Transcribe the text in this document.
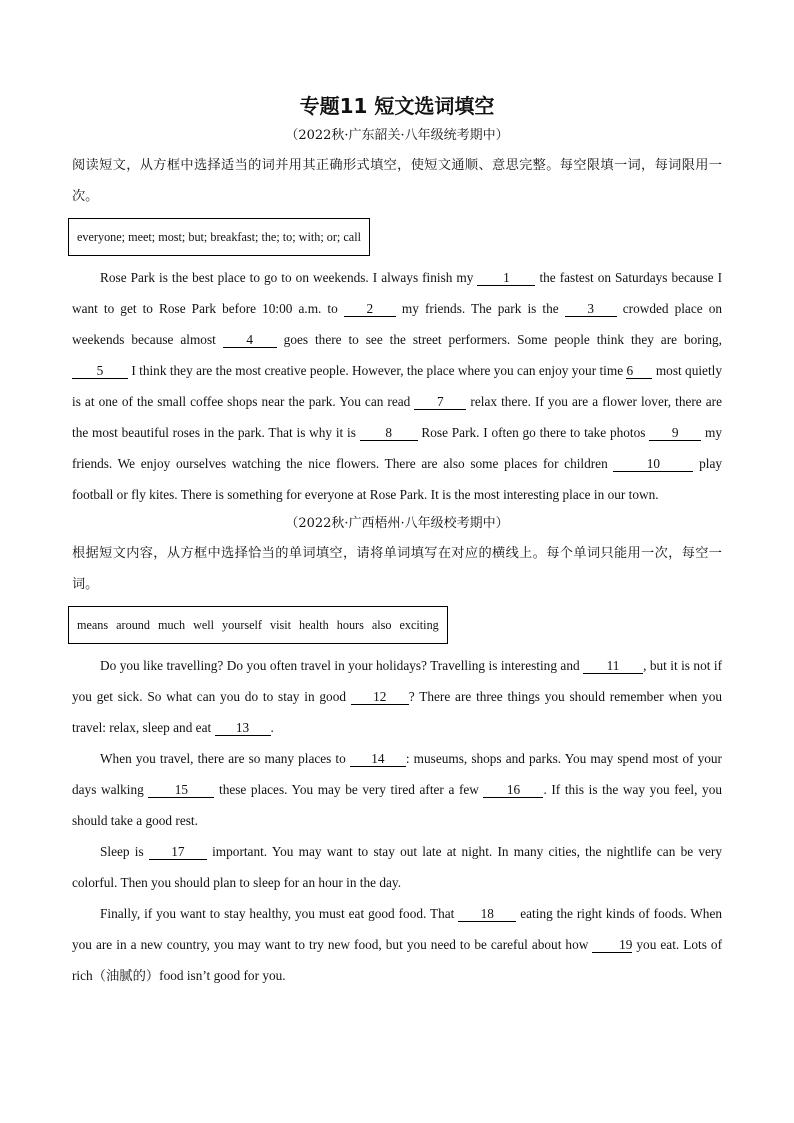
专题11 短文选词填空

（2022秋·广东韶关·八年级统考期中）

阅读短文，从方框中选择适当的词并用其正确形式填空，使短文通顺、意思完整。每空限填一词，每词限用一次。

everyone; meet; most; but; breakfast; the; to; with; or; call

Rose Park is the best place to go to on weekends. I always finish my 1 the fastest on Saturdays because I want to get to Rose Park before 10:00 a.m. to 2 my friends. The park is the 3 crowded place on weekends because almost 4 goes there to see the street performers. Some people think they are boring, 5 I think they are the most creative people. However, the place where you can enjoy your time 6 most quietly is at one of the small coffee shops near the park. You can read 7 relax there. If you are a flower lover, there are the most beautiful roses in the park. That is why it is 8 Rose Park. I often go there to take photos 9 my friends. We enjoy ourselves watching the nice flowers. There are also some places for children	10	play football or fly kites. There is something for everyone at Rose Park. It is the most interesting place in our town.

（2022秋·广西梧州·八年级校考期中）

根据短文内容，从方框中选择恰当的单词填空，请将单词填写在对应的横线上。每个单词只能用一次，每空一词。

means around much well yourself visit health hours also exciting

Do you like travelling? Do you often travel in your holidays? Travelling is interesting and 11 , but it is not if you get sick. So what can you do to stay in good 12 ? There are three things you should remember when you travel: relax, sleep and eat 13 .

When you travel, there are so many places to 14 : museums, shops and parks. You may spend most of your days walking 15 these places. You may be very tired after a few 16 . If this is the way you feel, you should take a good rest.

Sleep is 17 important. You may want to stay out late at night. In many cities, the nightlife can be very colorful. Then you should plan to sleep for an hour in the day.

Finally, if you want to stay healthy, you must eat good food. That 18 eating the right kinds of foods. When you are in a new country, you may want to try new food, but you need to be careful about how 19 you eat. Lots of rich（油腻的）food isn’t good for you.
